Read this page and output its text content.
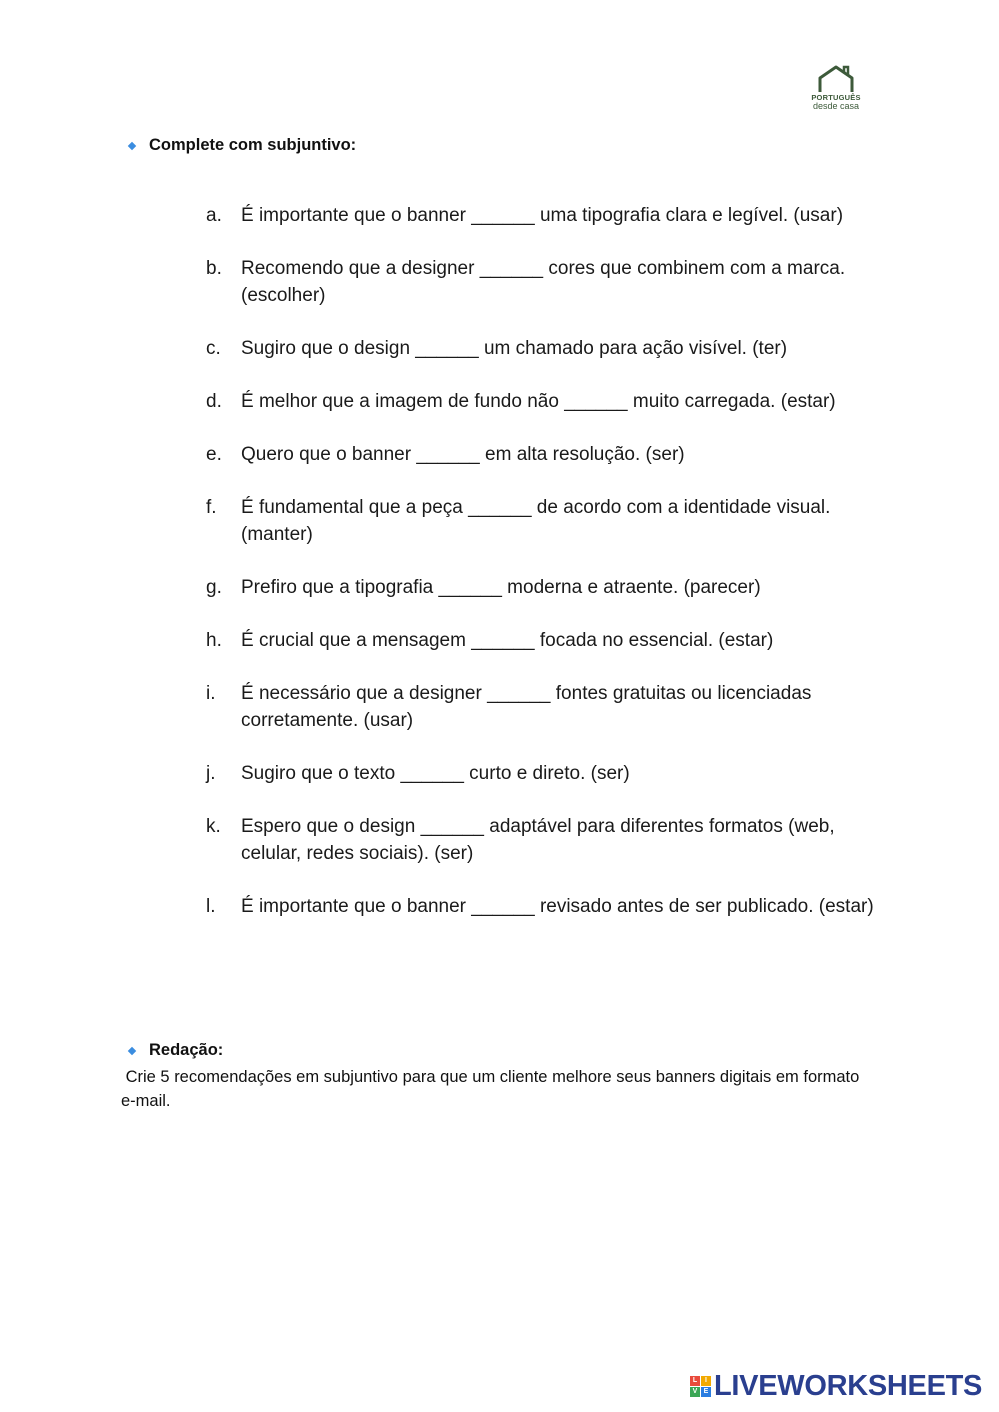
PORTUGUÊS
desde casa
Complete com subjuntivo:
a.	É importante que o banner ______ uma tipografia clara e legível. (usar)
b.	Recomendo que a designer ______ cores que combinem com a marca. (escolher)
c.	Sugiro que o design ______ um chamado para ação visível. (ter)
d.	É melhor que a imagem de fundo não ______ muito carregada. (estar)
e.	Quero que o banner ______ em alta resolução. (ser)
f.	É fundamental que a peça ______ de acordo com a identidade visual. (manter)
g.	Prefiro que a tipografia ______ moderna e atraente. (parecer)
h.	É crucial que a mensagem ______ focada no essencial. (estar)
i.	É necessário que a designer ______ fontes gratuitas ou licenciadas corretamente. (usar)
j.	Sugiro que o texto ______ curto e direto. (ser)
k.	Espero que o design ______ adaptável para diferentes formatos (web, celular, redes sociais). (ser)
l.	É importante que o banner ______ revisado antes de ser publicado. (estar)
Redação:
Crie 5 recomendações em subjuntivo para que um cliente melhore seus banners digitais em formato e-mail.
L	I
V E LIVEWORKSHEETS
